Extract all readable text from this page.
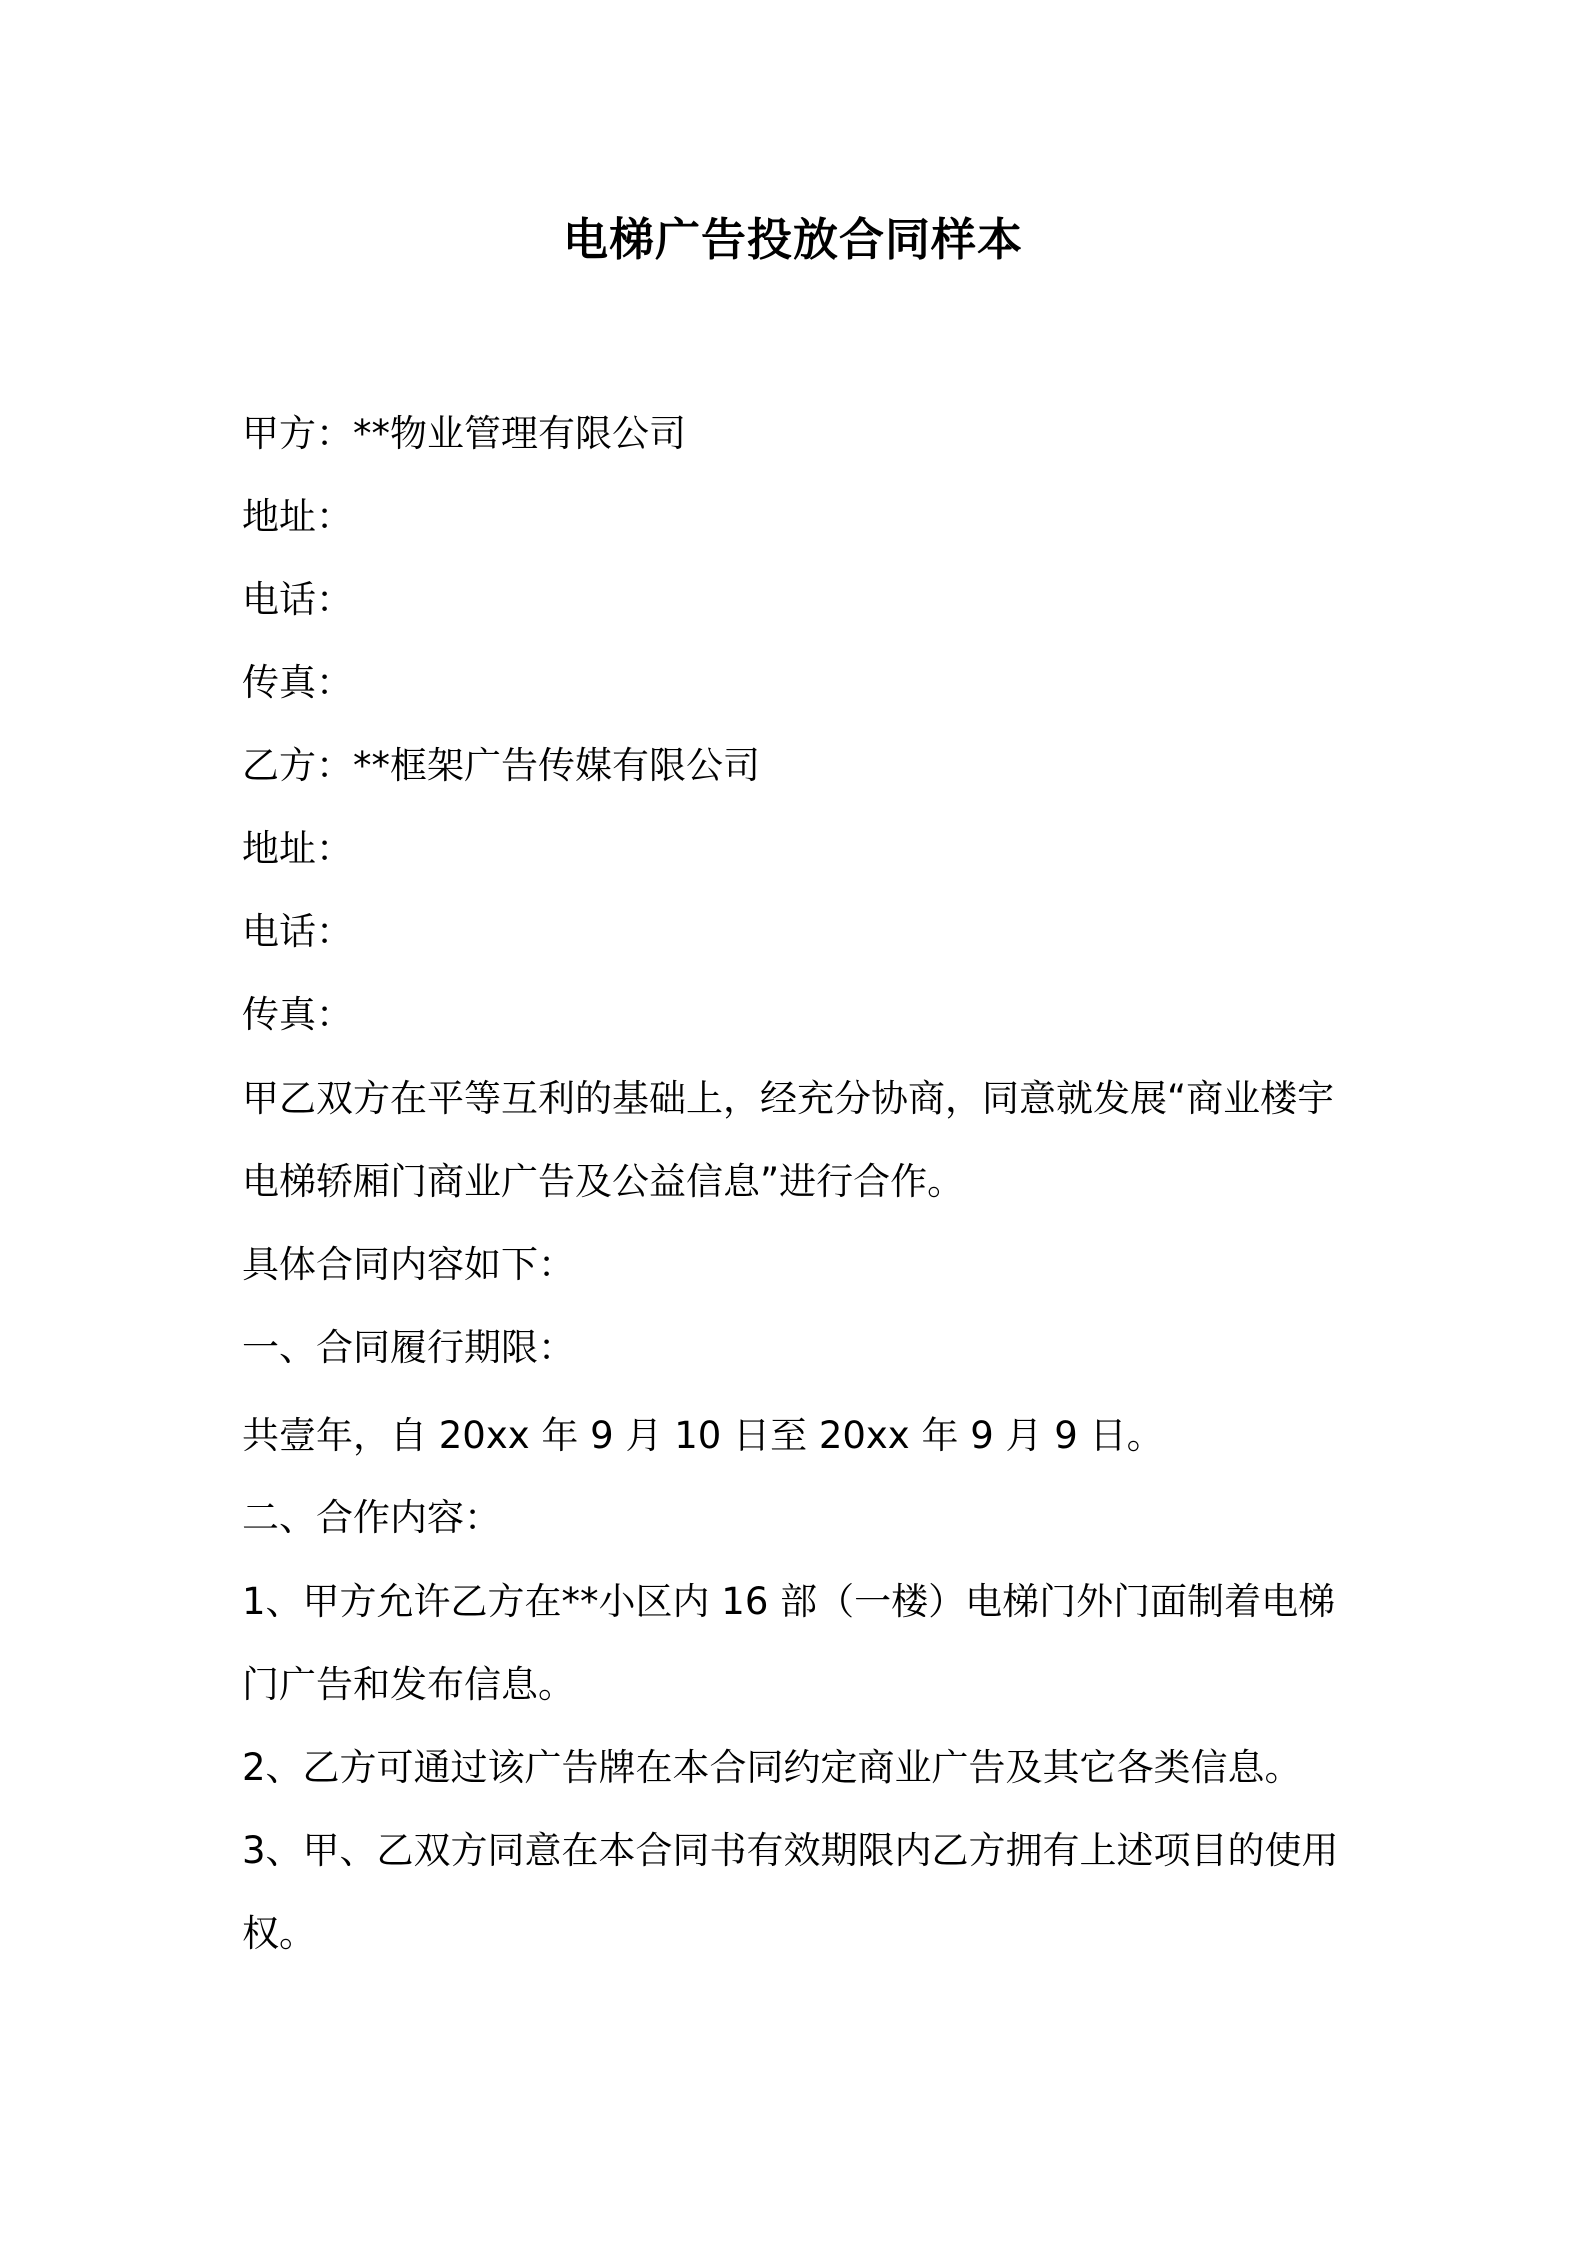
电梯广告投放合同样本
甲方：**物业管理有限公司
地址：
电话：
传真：
乙方：**框架广告传媒有限公司
地址：
电话：
传真：
甲乙双方在平等互利的基础上，经充分协商，同意就发展“商业楼宇
电梯轿厢门商业广告及公益信息”进行合作。
具体合同内容如下：
一、合同履行期限：
共壹年，自 20xx 年 9 月 10 日至 20xx 年 9 月 9 日。
二、合作内容：
1、甲方允许乙方在**小区内 16 部（一楼）电梯门外门面制着电梯
门广告和发布信息。
2、乙方可通过该广告牌在本合同约定商业广告及其它各类信息。
3、甲、乙双方同意在本合同书有效期限内乙方拥有上述项目的使用
权。
